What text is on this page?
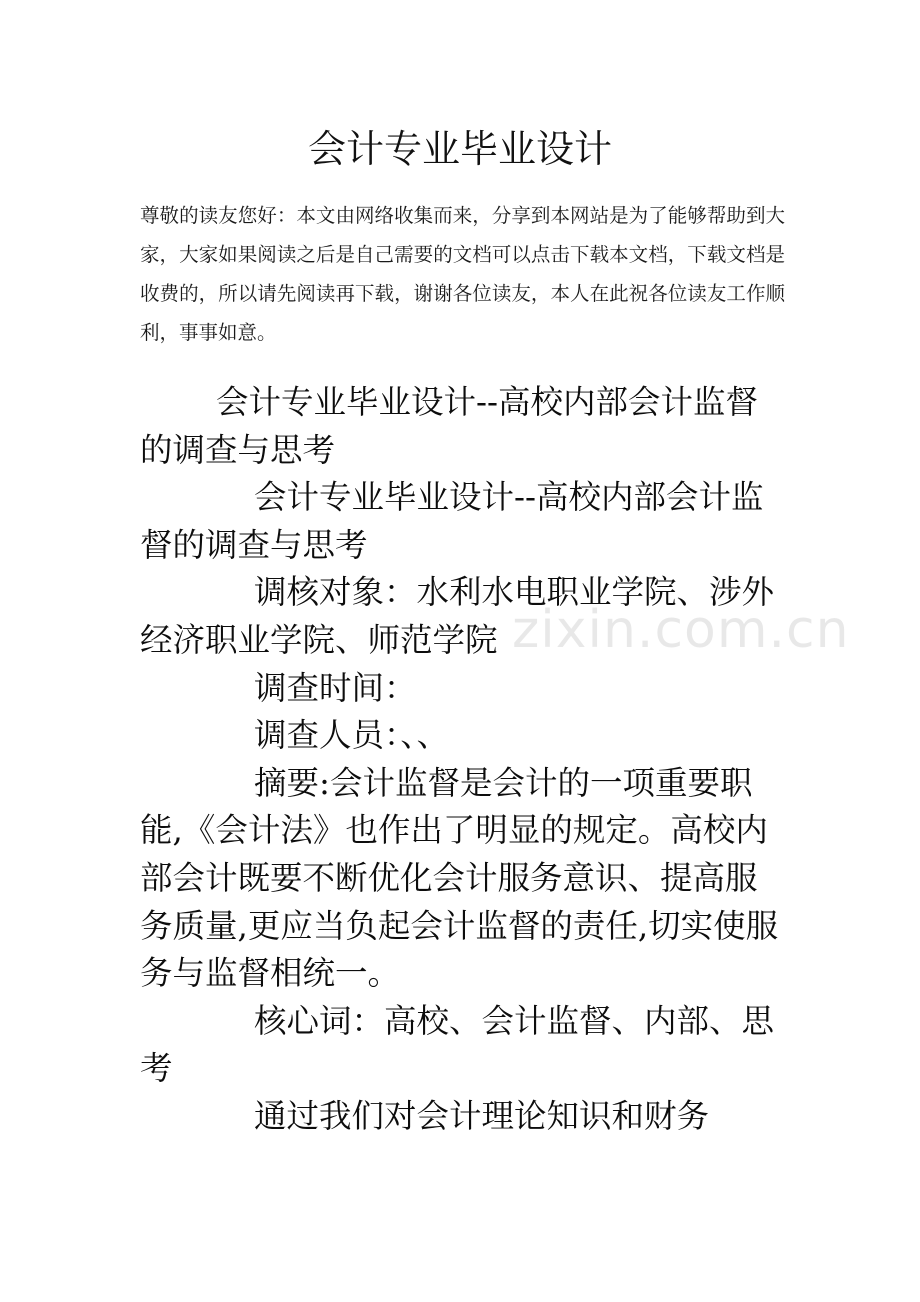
会计专业毕业设计
尊敬的读友您好：本文由网络收集而来，分享到本网站是为了能够帮助到大家，大家如果阅读之后是自己需要的文档可以点击下载本文档，下载文档是收费的，所以请先阅读再下载，谢谢各位读友，本人在此祝各位读友工作顺利，事事如意。
zixin.com.cn

会计专业毕业设计--高校内部会计监督的调查与思考

会计专业毕业设计--高校内部会计监督的调查与思考

调核对象：水利水电职业学院、涉外经济职业学院、师范学院

调查时间：

调查人员：、、

摘要:会计监督是会计的一项重要职能,《会计法》也作出了明显的规定。高校内部会计既要不断优化会计服务意识、提高服务质量,更应当负起会计监督的责任,切实使服务与监督相统一。

核心词：高校、会计监督、内部、思考

通过我们对会计理论知识和财务
